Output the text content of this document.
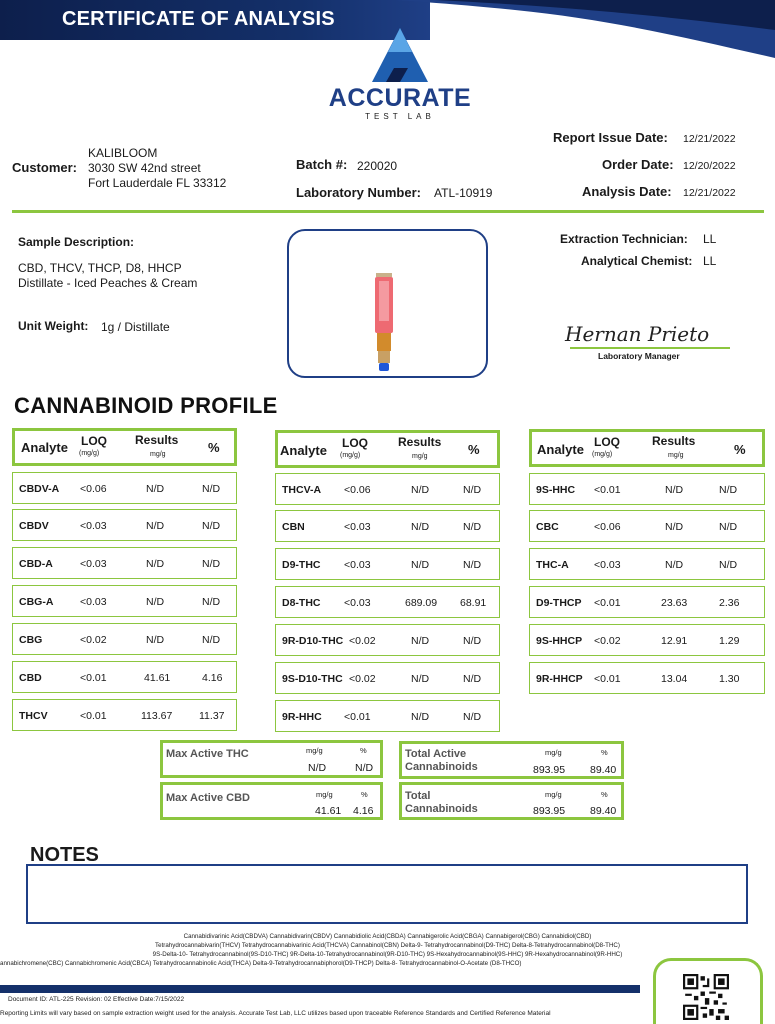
CERTIFICATE OF ANALYSIS
ACCURATE
TEST LAB
KALIBLOOM
Customer: 3030 SW 42nd street
Fort Lauderdale FL 33312
Batch #: 220020
Laboratory Number: ATL-10919
Report Issue Date: 12/21/2022
Order Date: 12/20/2022
Analysis Date: 12/21/2022
Sample Description:
CBD, THCV, THCP, D8, HHCP
Distillate - Iced Peaches & Cream
Unit Weight: 1g / Distillate
Extraction Technician: LL
Analytical Chemist: LL
Hernan Prieto
Laboratory Manager
CANNABINOID PROFILE
Analyte LOQ
(mg/g)
Results
mg/g	%	Analyte LOQ
(mg/g)
Results
mg/g	%	Analyte LOQ
(mg/g)
Results
mg/g	%
CBDV-A <0.06	N/D	N/D
CBDV	<0.03	N/D	N/D
CBD-A	<0.03	N/D	N/D
CBG-A	<0.03	N/D	N/D
CBG	<0.02	N/D	N/D
CBD	<0.01	41.61	4.16
THCV	<0.01	113.67	11.37
THCV-A <0.06	N/D	N/D
CBN	<0.03	N/D	N/D
D9-THC <0.03	N/D	N/D
D8-THC <0.03	689.09 68.91
9R-D10-THC <0.02	N/D	N/D
9S-D10-THC <0.02	N/D	N/D
9R-HHC <0.01	N/D	N/D
9S-HHC <0.01	N/D	N/D
CBC	<0.06	N/D	N/D
THC-A <0.03	N/D	N/D
D9-THCP <0.01	23.63	2.36
9S-HHCP <0.02	12.91	1.29
9R-HHCP <0.01	13.04	1.30
Max Active THC	mg/g	%
N/D	N/D
Max Active CBD	mg/g	%
41.61 4.16
Total Active
Cannabinoids
mg/g	%
893.95 89.40
Total
Cannabinoids
mg/g	%
893.95 89.40
NOTES
Cannabidivarinic Acid(CBDVA) Cannabidivarin(CBDV) Cannabidiolic Acid(CBDA) Cannabigerolic Acid(CBGA) Cannabigerol(CBG) Cannabidiol(CBD)
Tetrahydrocannabivarin(THCV) Tetrahydrocannabivarinic Acid(THCVA) Cannabinol(CBN) Delta-9- Tetrahydrocannabinol(D9-THC) Delta-8-Tetrahydrocannabinol(D8-THC)
9S-Delta-10- Tetrahydrocannabinol(9S-D10-THC) 9R-Delta-10-Tetrahydrocannabinol(9R-D10-THC) 9S-Hexahydrocannabinol(9S-HHC) 9R-Hexahydrocannabinol(9R-HHC)
annabichromene(CBC) Cannabichromenic Acid(CBCA) Tetrahydrocannabinolic Acid(THCA) Delta-9-Tetrahydrocannabiphorol(D9-THCP) Delta-8- Tetrahydrocannabinol-O-Acetate (D8-THCO)
Document ID: ATL-225 Revision: 02 Effective Date:7/15/2022
Reporting Limits will vary based on sample extraction weight used for the analysis. Accurate Test Lab, LLC utilizes based upon traceable Reference Standards and Certified Reference Material
